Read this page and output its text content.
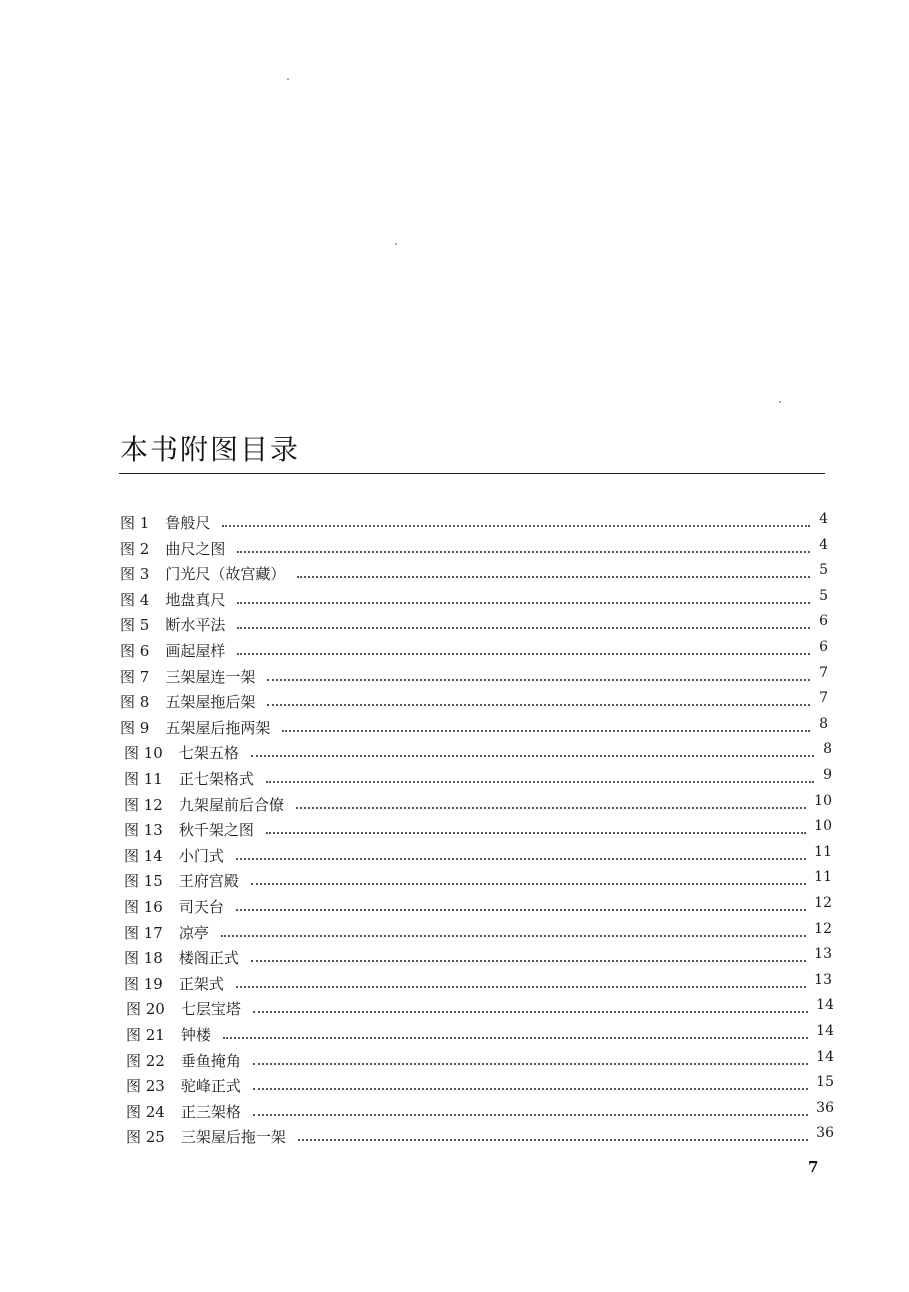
本书附图目录
图 1 鲁般尺	4
图 2 曲尺之图	4
图 3 门光尺（故宫藏）	5
图 4 地盘真尺	5
图 5 断水平法	6
图 6 画起屋样	6
图 7 三架屋连一架	7
图 8 五架屋拖后架	7
图 9 五架屋后拖两架	8
图 10 七架五格	8
图 11 正七架格式	9
图 12 九架屋前后合僚	10
图 13 秋千架之图	10
图 14 小门式	11
图 15 王府宫殿	11
图 16 司天台	12
图 17 凉亭	12
图 18 楼阁正式	13
图 19 正架式	13
图 20 七层宝塔	14
图 21 钟楼	14
图 22 垂鱼掩角	14
图 23 驼峰正式	15
图 24 正三架格	36
图 25 三架屋后拖一架	36
7
